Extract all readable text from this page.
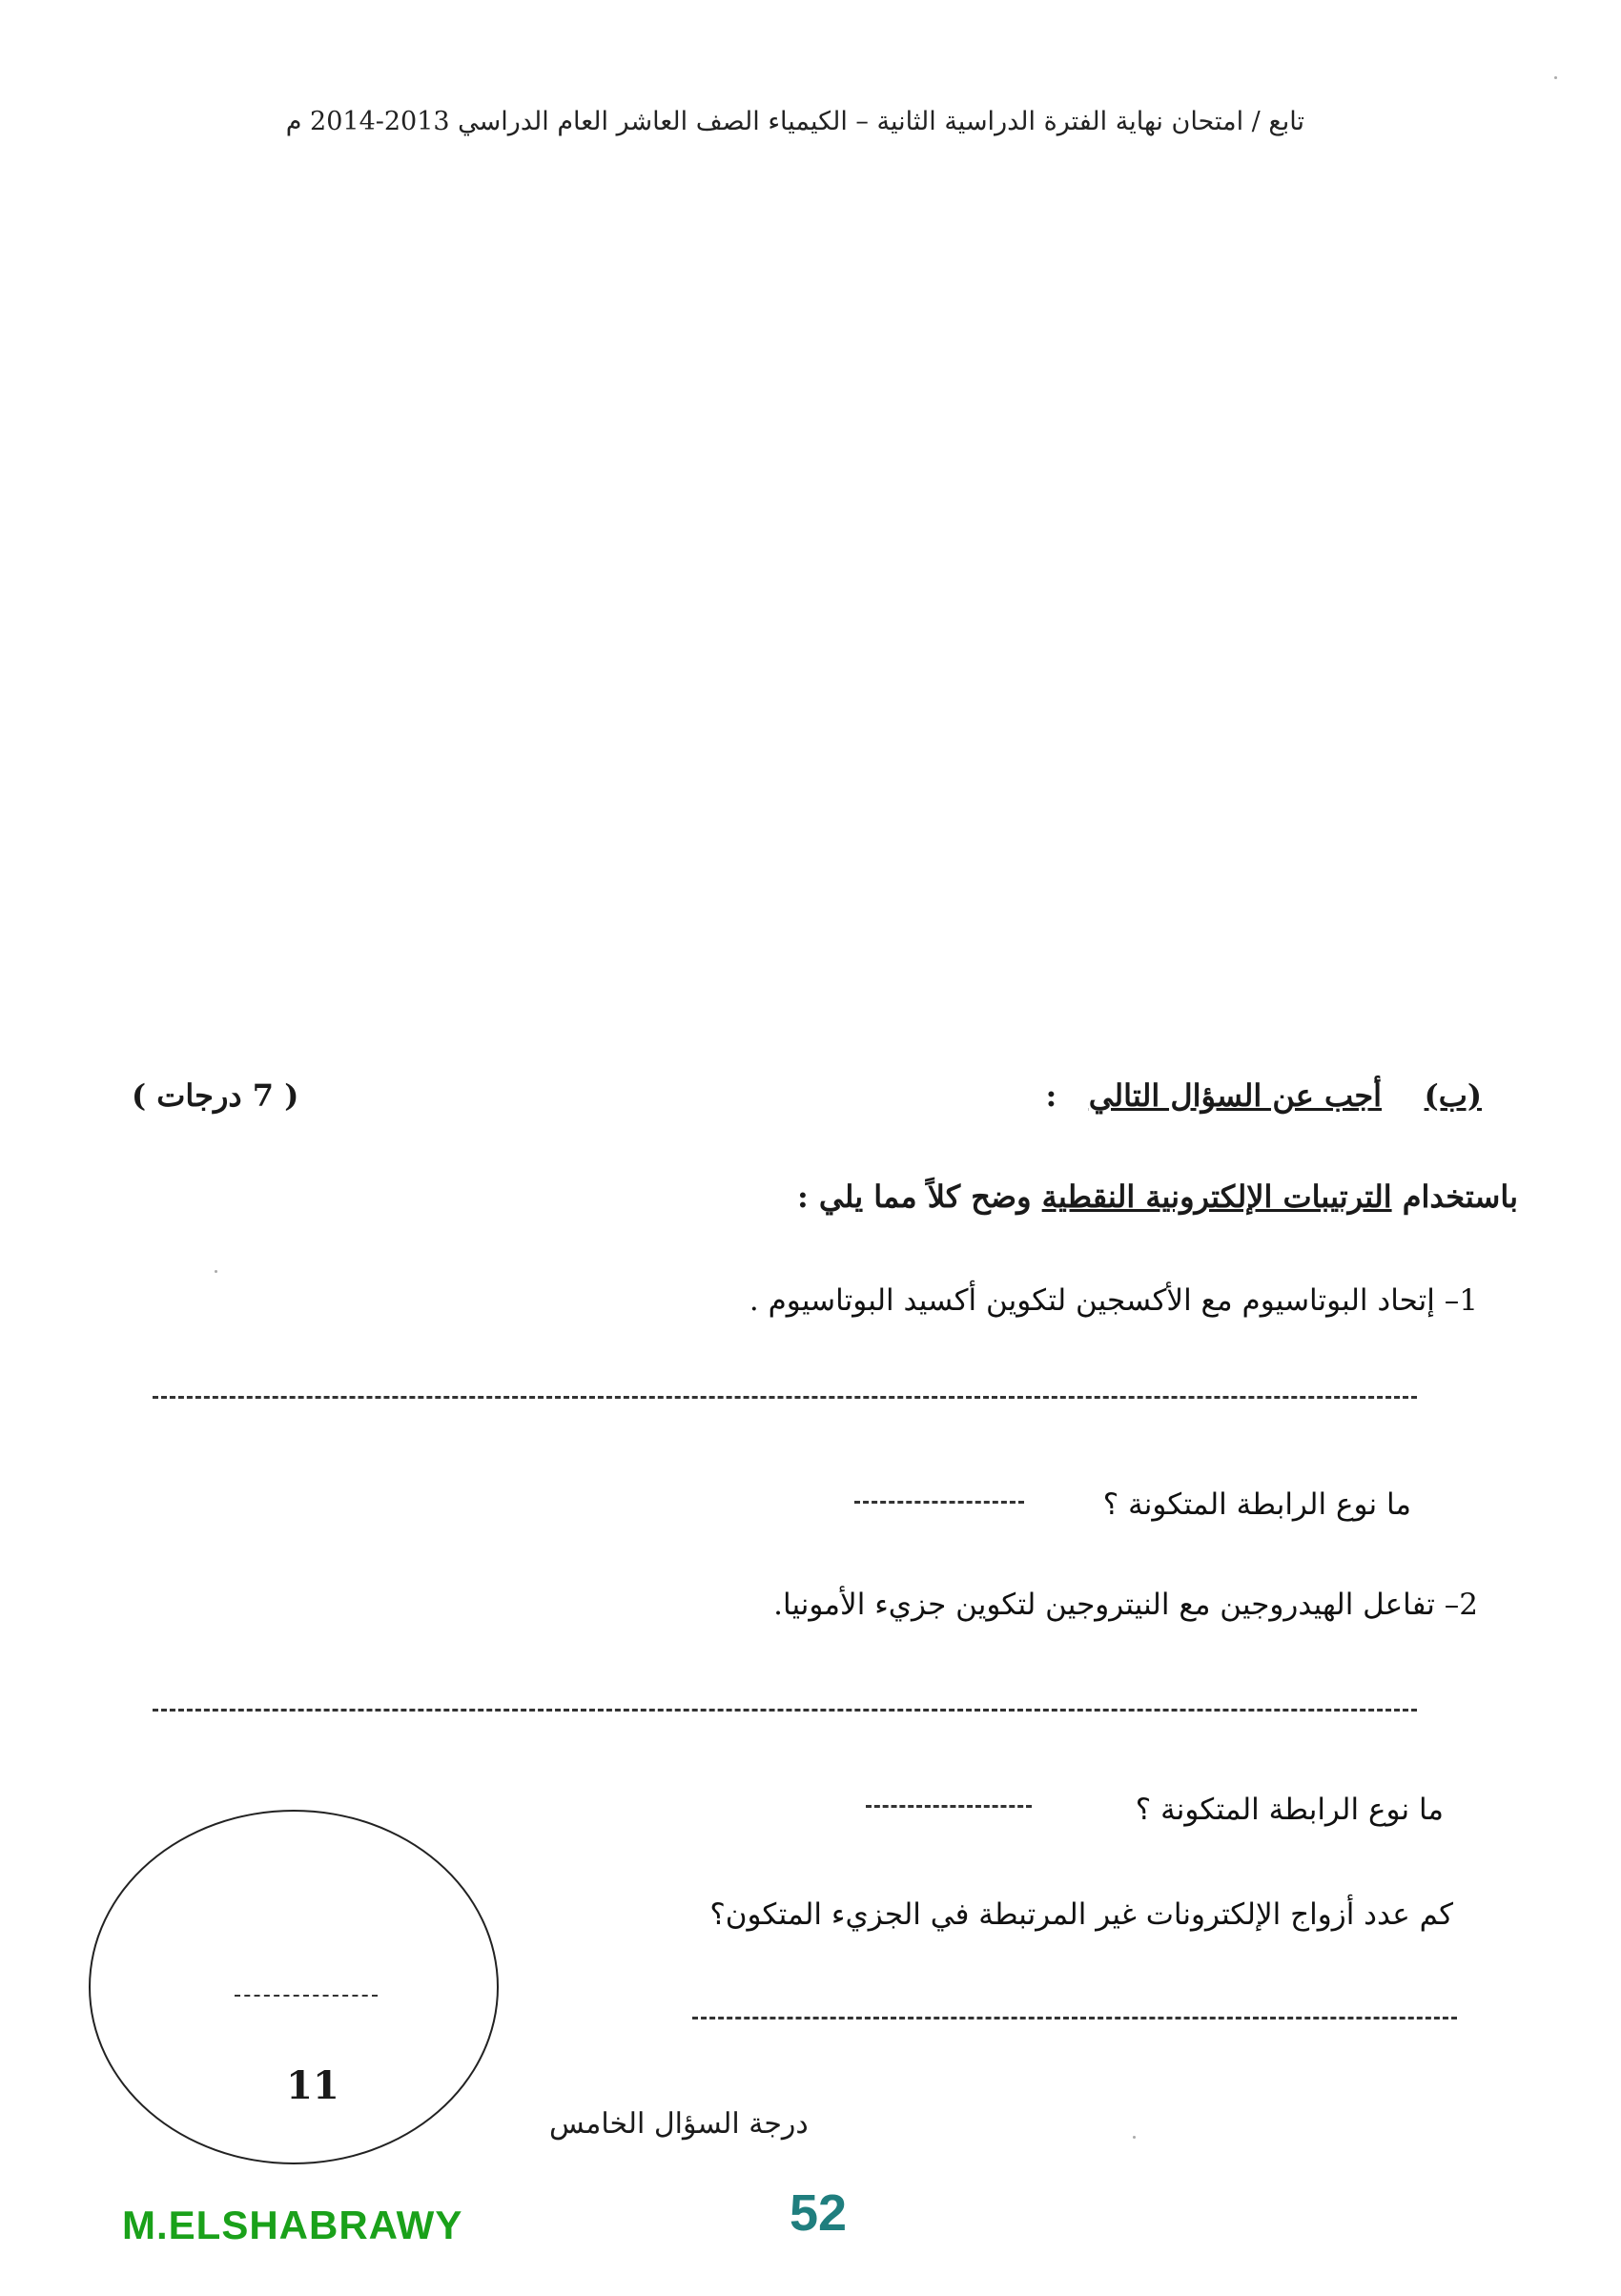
تابع / امتحان نهاية الفترة الدراسية الثانية – الكيمياء الصف العاشر العام الدراسي 2013-2014 م
(ب)    أجب عن السؤال التالي   :
( 7 درجات )
باستخدام الترتيبات الإلكترونية النقطية وضح كلاً مما يلي :
1– إتحاد البوتاسيوم مع الأكسجين لتكوين أكسيد البوتاسيوم .
ما نوع الرابطة المتكونة ؟
2– تفاعل الهيدروجين مع النيتروجين لتكوين جزيء الأمونيا.
ما نوع الرابطة المتكونة ؟
كم عدد أزواج الإلكترونات غير المرتبطة في الجزيء المتكون؟
11
درجة السؤال الخامس
M.ELSHABRAWY	52
